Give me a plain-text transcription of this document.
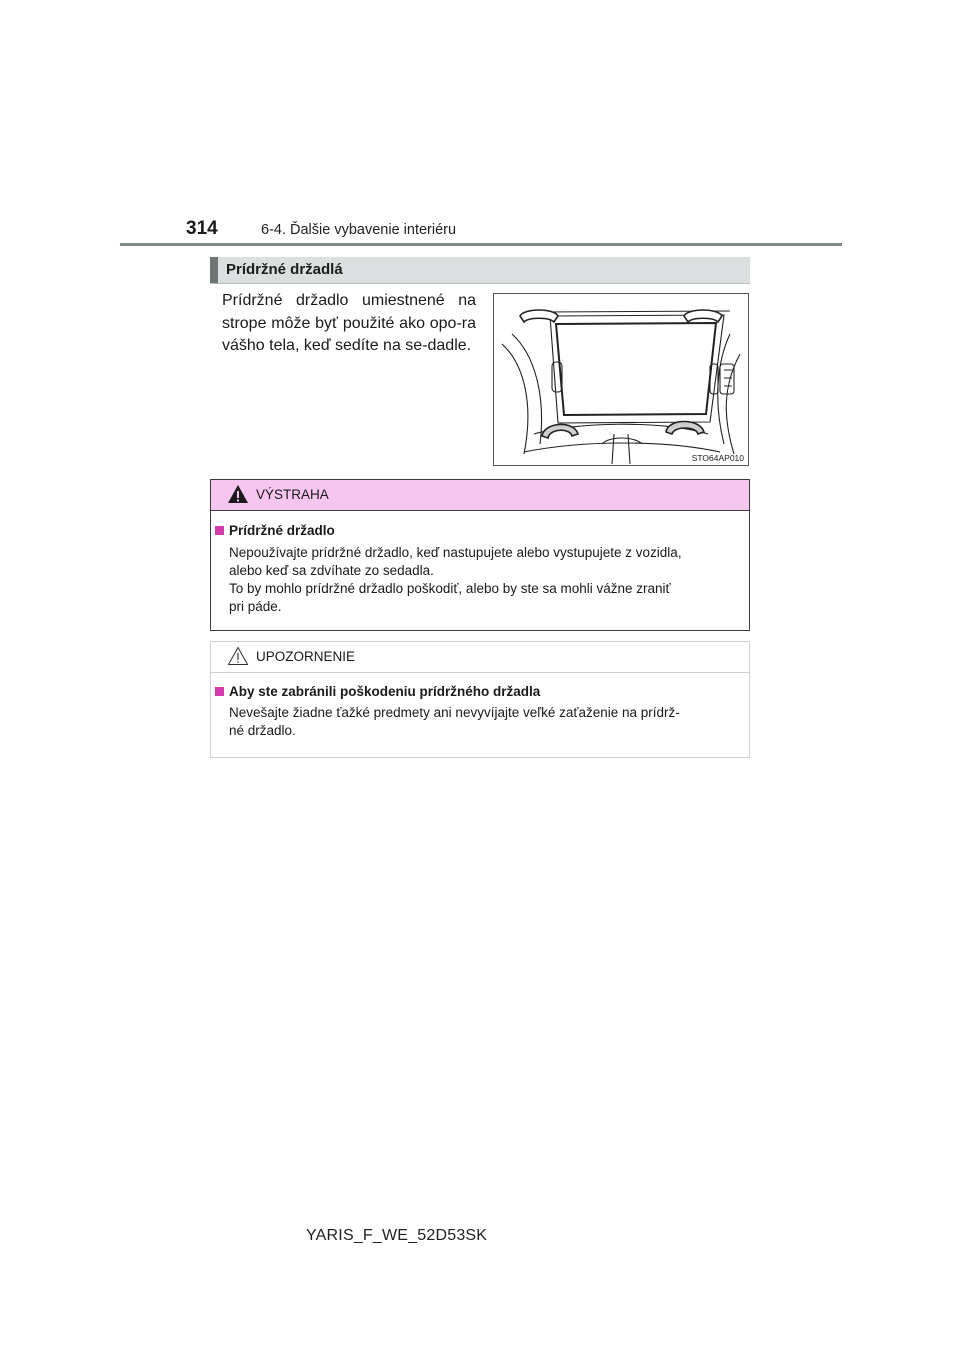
314	6-4. Ďalšie vybavenie interiéru
Prídržné držadlá
Prídržné držadlo umiestnené na strope môže byť použité ako opo-ra vášho tela, keď sedíte na se-dadle.
STO64AP010
VÝSTRAHA
Prídržné držadlo
Nepoužívajte prídržné držadlo, keď nastupujete alebo vystupujete z vozidla,
alebo keď sa zdvíhate zo sedadla.
To by mohlo prídržné držadlo poškodiť, alebo by ste sa mohli vážne zraniť
pri páde.
UPOZORNENIE
Aby ste zabránili poškodeniu prídržného držadla
Nevešajte žiadne ťažké predmety ani nevyvíjajte veľké zaťaženie na prídrž-
né držadlo.
YARIS_F_WE_52D53SK
